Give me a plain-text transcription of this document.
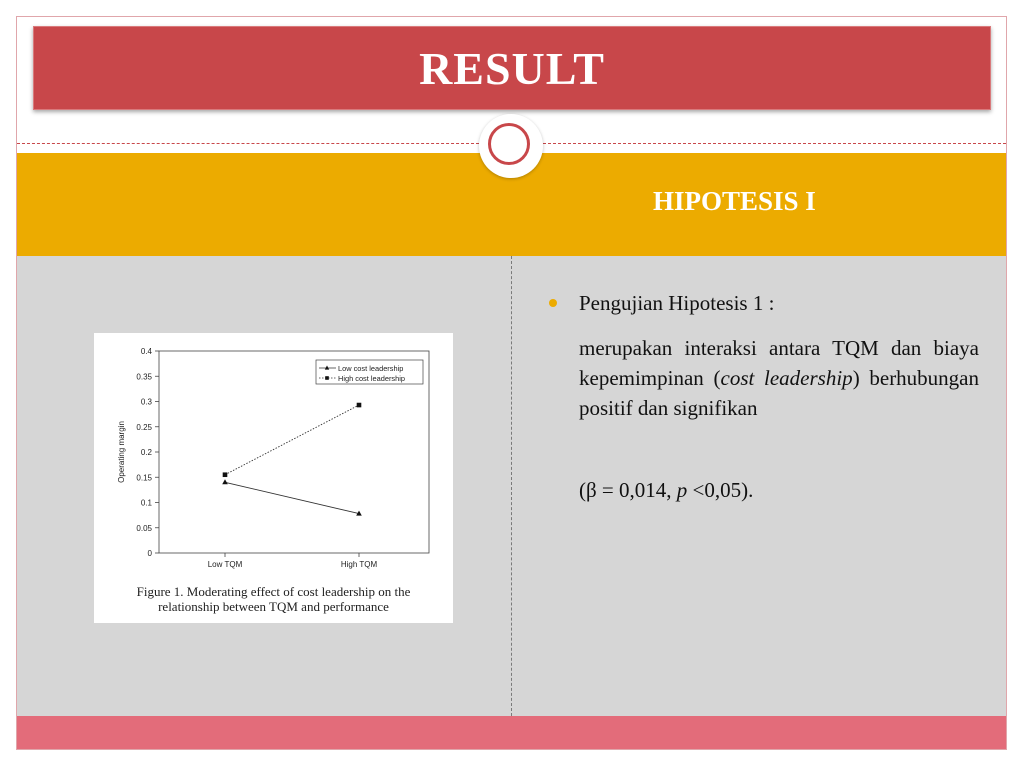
RESULT
HIPOTESIS I
0
0.05
0.1
0.15
0.2
0.25
0.3
0.35
0.4
Low TQM	High TQM
Operating margin
Low cost leadership
High cost leadership
Figure 1. Moderating effect of cost leadership on the
relationship between TQM and performance
Pengujian Hipotesis 1 :
merupakan interaksi antara TQM dan biaya kepemimpinan (cost leadership) berhubungan positif dan signifikan
(β = 0,014, p <0,05).
